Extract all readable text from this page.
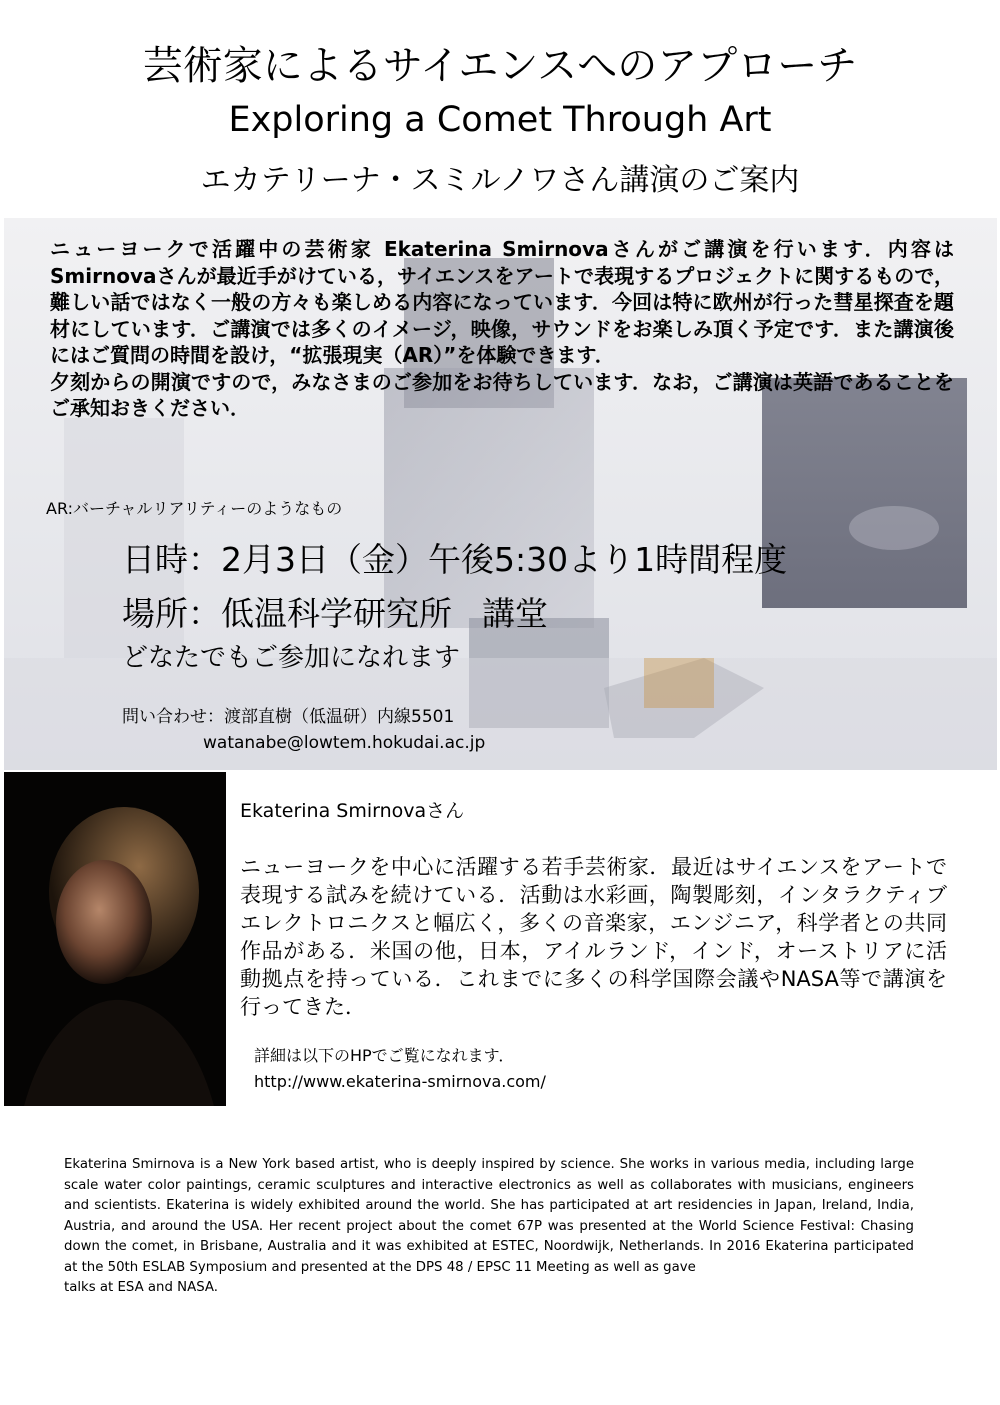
芸術家によるサイエンスへのアプローチ
Exploring a Comet Through Art
エカテリーナ・スミルノワさん講演のご案内

ニューヨークで活躍中の芸術家 Ekaterina Smirnovaさんがご講演を行います．内容はSmirnovaさんが最近手がけている，サイエンスをアートで表現するプロジェクトに関するもので，難しい話ではなく一般の方々も楽しめる内容になっています．今回は特に欧州が行った彗星探査を題材にしています．ご講演では多くのイメージ，映像，サウンドをお楽しみ頂く予定です．また講演後にはご質問の時間を設け，“拡張現実（AR）”を体験できます．

夕刻からの開演ですので，みなさまのご参加をお待ちしています．なお，ご講演は英語であることをご承知おきください．

AR:バーチャルリアリティーのようなもの
日時：2月3日（金）午後5:30より1時間程度
場所：低温科学研究所 講堂
どなたでもご参加になれます
問い合わせ：渡部直樹（低温研）内線5501
watanabe@lowtem.hokudai.ac.jp
Ekaterina Smirnovaさん
ニューヨークを中心に活躍する若手芸術家．最近はサイエンスをアートで表現する試みを続けている．活動は水彩画，陶製彫刻，インタラクティブエレクトロニクスと幅広く，多くの音楽家，エンジニア，科学者との共同作品がある．米国の他，日本，アイルランド，インド，オーストリアに活動拠点を持っている．これまでに多くの科学国際会議やNASA等で講演を行ってきた．
詳細は以下のHPでご覧になれます．
http://www.ekaterina-smirnova.com/

Ekaterina Smirnova is a New York based artist, who is deeply inspired by science. She works in various media, including large scale water color paintings, ceramic sculptures and interactive electronics as well as collaborates with musicians, engineers and scientists. Ekaterina is widely exhibited around the world. She has participated at art residencies in Japan, Ireland, India, Austria, and around the USA. Her recent project about the comet 67P was presented at the World Science Festival: Chasing down the comet, in Brisbane, Australia and it was exhibited at ESTEC, Noordwijk, Netherlands. In 2016 Ekaterina participated at the 50th ESLAB Symposium and presented at the DPS 48 / EPSC 11 Meeting as well as gave

talks at ESA and NASA.
